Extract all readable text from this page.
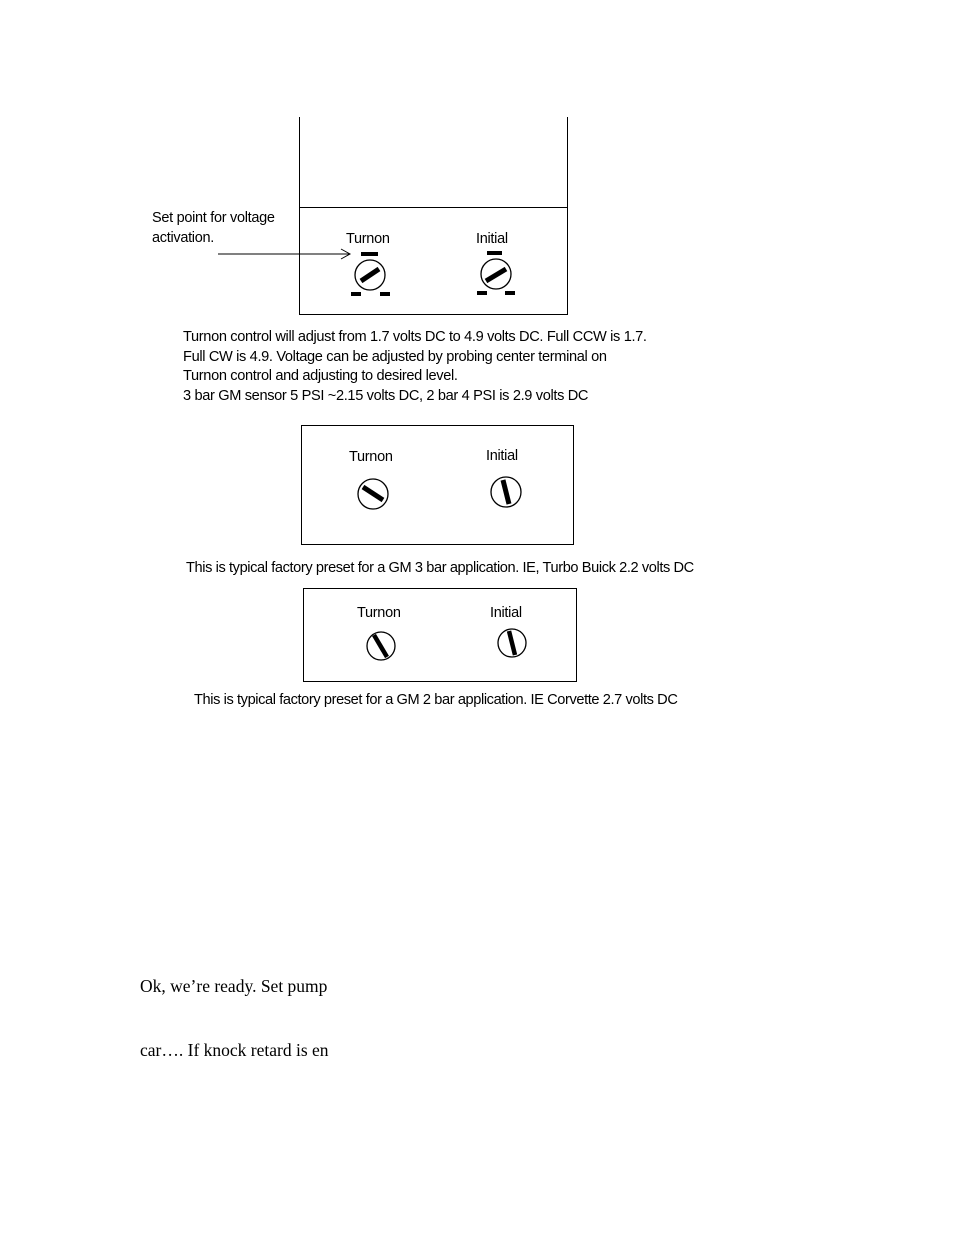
Set point for voltage
activation.	Turnon	Initial
Turnon control will adjust from 1.7 volts DC to 4.9 volts DC. Full CCW is 1.7.
Full CW is 4.9. Voltage can be adjusted by probing center terminal on
Turnon control and adjusting to desired level.
3 bar GM sensor 5 PSI ~2.15 volts DC, 2 bar 4 PSI is 2.9 volts DC
Turnon	Initial
This is typical factory preset for a GM 3 bar application. IE, Turbo Buick 2.2 volts DC
Turnon	Initial
This is typical factory preset for a GM 2 bar application. IE Corvette 2.7 volts DC
Ok, we’re ready. Set pump
car…. If knock retard is en
